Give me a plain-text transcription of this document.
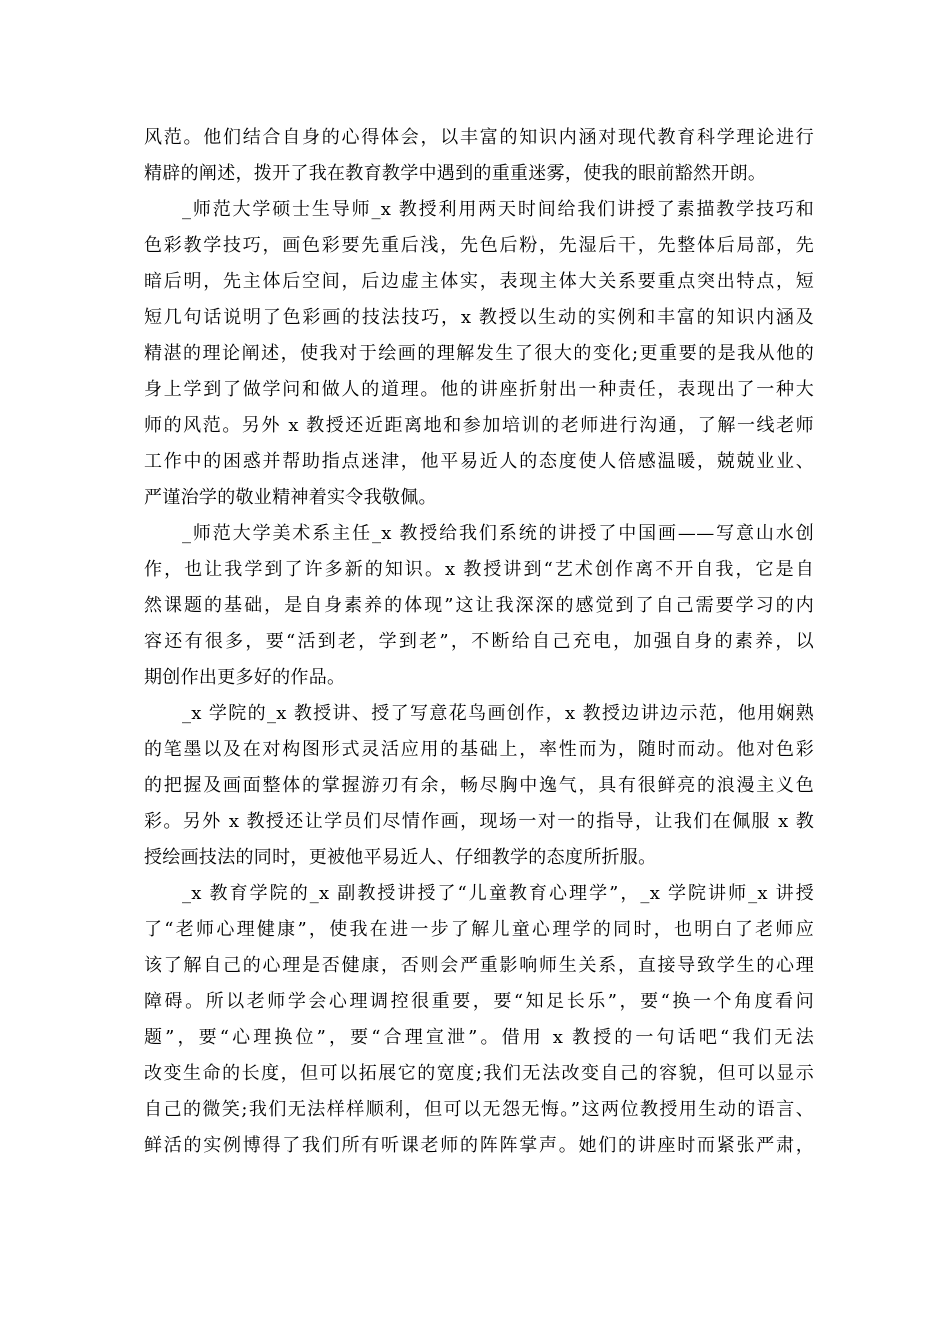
风范。他们结合自身的心得体会，以丰富的知识内涵对现代教育科学理论进行
精辟的阐述，拨开了我在教育教学中遇到的重重迷雾，使我的眼前豁然开朗。
_师范大学硕士生导师_x 教授利用两天时间给我们讲授了素描教学技巧和
色彩教学技巧，画色彩要先重后浅，先色后粉，先湿后干，先整体后局部，先
暗后明，先主体后空间，后边虚主体实，表现主体大关系要重点突出特点，短
短几句话说明了色彩画的技法技巧，x 教授以生动的实例和丰富的知识内涵及
精湛的理论阐述，使我对于绘画的理解发生了很大的变化;更重要的是我从他的
身上学到了做学问和做人的道理。他的讲座折射出一种责任，表现出了一种大
师的风范。另外 x 教授还近距离地和参加培训的老师进行沟通，了解一线老师
工作中的困惑并帮助指点迷津，他平易近人的态度使人倍感温暖，兢兢业业、
严谨治学的敬业精神着实令我敬佩。
_师范大学美术系主任_x 教授给我们系统的讲授了中国画——写意山水创
作，也让我学到了许多新的知识。x 教授讲到“艺术创作离不开自我，它是自
然课题的基础，是自身素养的体现”这让我深深的感觉到了自己需要学习的内
容还有很多，要“活到老，学到老”，不断给自己充电，加强自身的素养，以
期创作出更多好的作品。
_x 学院的_x 教授讲、授了写意花鸟画创作，x 教授边讲边示范，他用娴熟
的笔墨以及在对构图形式灵活应用的基础上，率性而为，随时而动。他对色彩
的把握及画面整体的掌握游刃有余，畅尽胸中逸气，具有很鲜亮的浪漫主义色
彩。另外 x 教授还让学员们尽情作画，现场一对一的指导，让我们在佩服 x 教
授绘画技法的同时，更被他平易近人、仔细教学的态度所折服。
_x 教育学院的_x 副教授讲授了“儿童教育心理学”，_x 学院讲师_x 讲授
了“老师心理健康”，使我在进一步了解儿童心理学的同时，也明白了老师应
该了解自己的心理是否健康，否则会严重影响师生关系，直接导致学生的心理
障碍。所以老师学会心理调控很重要，要“知足长乐”，要“换一个角度看问
题”，要“心理换位”，要“合理宣泄”。借用 x 教授的一句话吧“我们无法
改变生命的长度，但可以拓展它的宽度;我们无法改变自己的容貌，但可以显示
自己的微笑;我们无法样样顺利，但可以无怨无悔。”这两位教授用生动的语言、
鲜活的实例博得了我们所有听课老师的阵阵掌声。她们的讲座时而紧张严肃，
